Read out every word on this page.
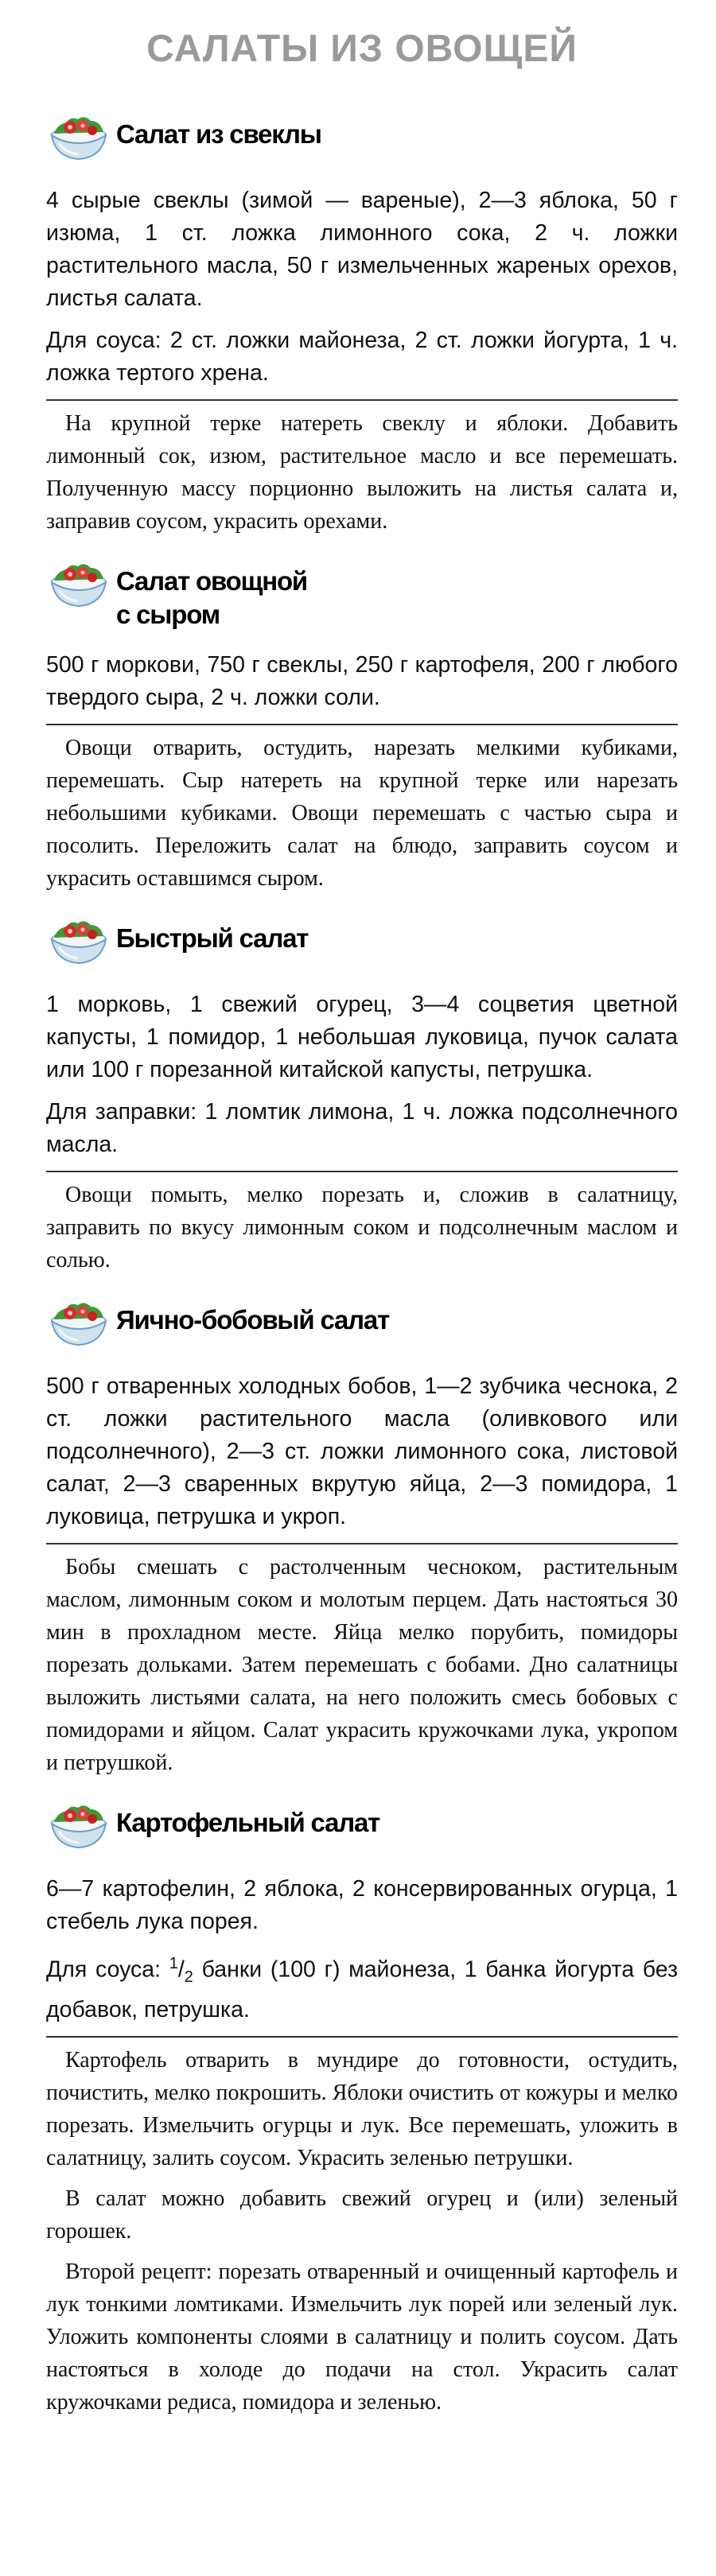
САЛАТЫ ИЗ ОВОЩЕЙ
Салат из свеклы

4 сырые свеклы (зимой — вареные), 2—3 яблока, 50 г изюма, 1 ст. ложка лимонного сока, 2 ч. ложки растительного масла, 50 г измельченных жареных орехов, листья салата.

Для соуса: 2 ст. ложки майонеза, 2 ст. ложки йогурта, 1 ч. ложка тертого хрена.

На крупной терке натереть свеклу и яблоки. Добавить лимонный сок, изюм, растительное масло и все перемешать. Полученную массу порционно выложить на листья салата и, заправив соусом, украсить орехами.

Салат овощной
с сыром

500 г моркови, 750 г свеклы, 250 г картофеля, 200 г любого твердого сыра, 2 ч. ложки соли.

Овощи отварить, остудить, нарезать мелкими кубиками, перемешать. Сыр натереть на крупной терке или нарезать небольшими кубиками. Овощи перемешать с частью сыра и посолить. Переложить салат на блюдо, заправить соусом и украсить оставшимся сыром.

Быстрый салат

1 морковь, 1 свежий огурец, 3—4 соцветия цветной капусты, 1 помидор, 1 небольшая луковица, пучок салата или 100 г порезанной китайской капусты, петрушка.

Для заправки: 1 ломтик лимона, 1 ч. ложка подсолнечного масла.

Овощи помыть, мелко порезать и, сложив в салатницу, заправить по вкусу лимонным соком и подсолнечным маслом и солью.

Яично-бобовый салат

500 г отваренных холодных бобов, 1—2 зубчика чеснока, 2 ст. ложки растительного масла (оливкового или подсолнечного), 2—3 ст. ложки лимонного сока, листовой салат, 2—3 сваренных вкрутую яйца, 2—3 помидора, 1 луковица, петрушка и укроп.

Бобы смешать с растолченным чесноком, растительным маслом, лимонным соком и молотым перцем. Дать настояться 30 мин в прохладном месте. Яйца мелко порубить, помидоры порезать дольками. Затем перемешать с бобами. Дно салатницы выложить листьями салата, на него положить смесь бобовых с помидорами и яйцом. Салат украсить кружочками лука, укропом и петрушкой.

Картофельный салат

6—7 картофелин, 2 яблока, 2 консервированных огурца, 1 стебель лука порея.

Для соуса: $^1/_2$ банки (100 г) майонеза, 1 банка йогурта без добавок, петрушка.

Картофель отварить в мундире до готовности, остудить, почистить, мелко покрошить. Яблоки очистить от кожуры и мелко порезать. Измельчить огурцы и лук. Все перемешать, уложить в салатницу, залить соусом. Украсить зеленью петрушки.

В салат можно добавить свежий огурец и (или) зеленый горошек.

Второй рецепт: порезать отваренный и очищенный картофель и лук тонкими ломтиками. Измельчить лук порей или зеленый лук. Уложить компоненты слоями в салатницу и полить соусом. Дать настояться в холоде до подачи на стол. Украсить салат кружочками редиса, помидора и зеленью.
